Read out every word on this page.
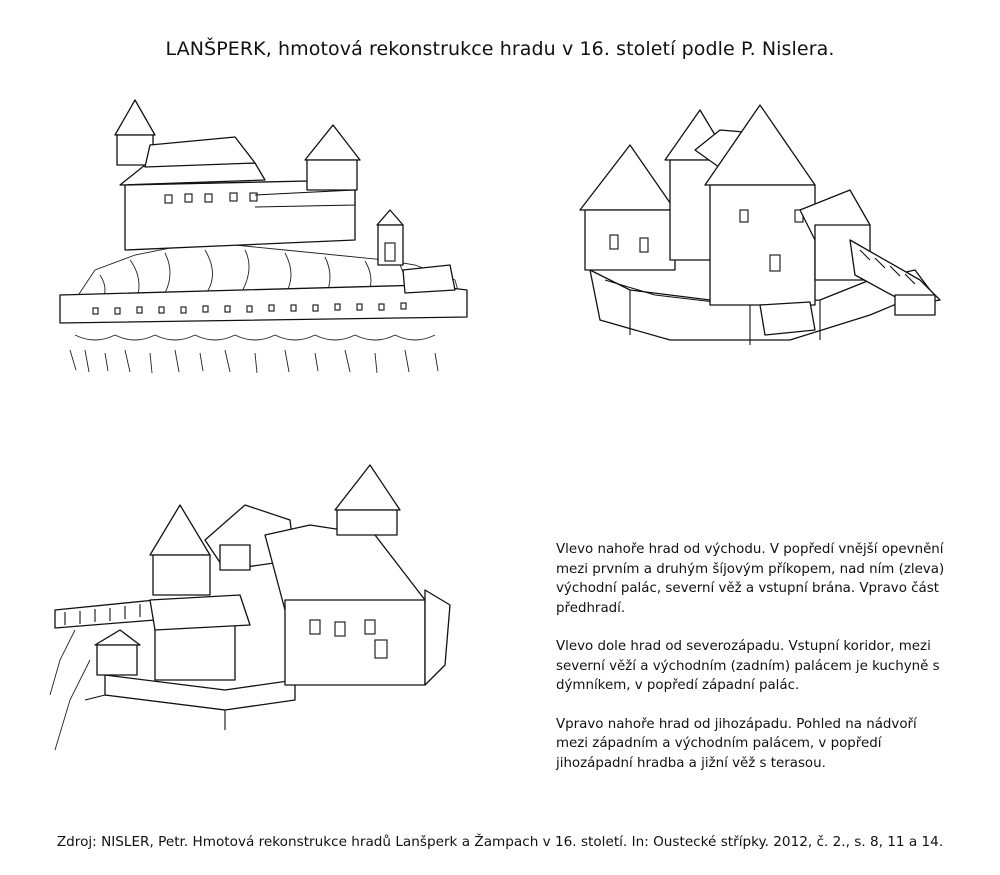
LANŠPERK, hmotová rekonstrukce hradu v 16. století podle P. Nislera.

Vlevo nahoře hrad od východu. V popředí vnější opevnění mezi prvním a druhým šíjovým příkopem, nad ním (zleva) východní palác, severní věž a vstupní brána. Vpravo část předhradí.

Vlevo dole hrad od severozápadu. Vstupní koridor, mezi severní věží a východním (zadním) palácem je kuchyně s dýmníkem, v popředí západní palác.

Vpravo nahoře hrad od jihozápadu. Pohled na nádvoří mezi západním a východním palácem, v popředí jihozápadní hradba a jižní věž s terasou.

Zdroj: NISLER, Petr. Hmotová rekonstrukce hradů Lanšperk a Žampach v 16. století. In: Oustecké střípky. 2012, č. 2., s. 8, 11 a 14.
